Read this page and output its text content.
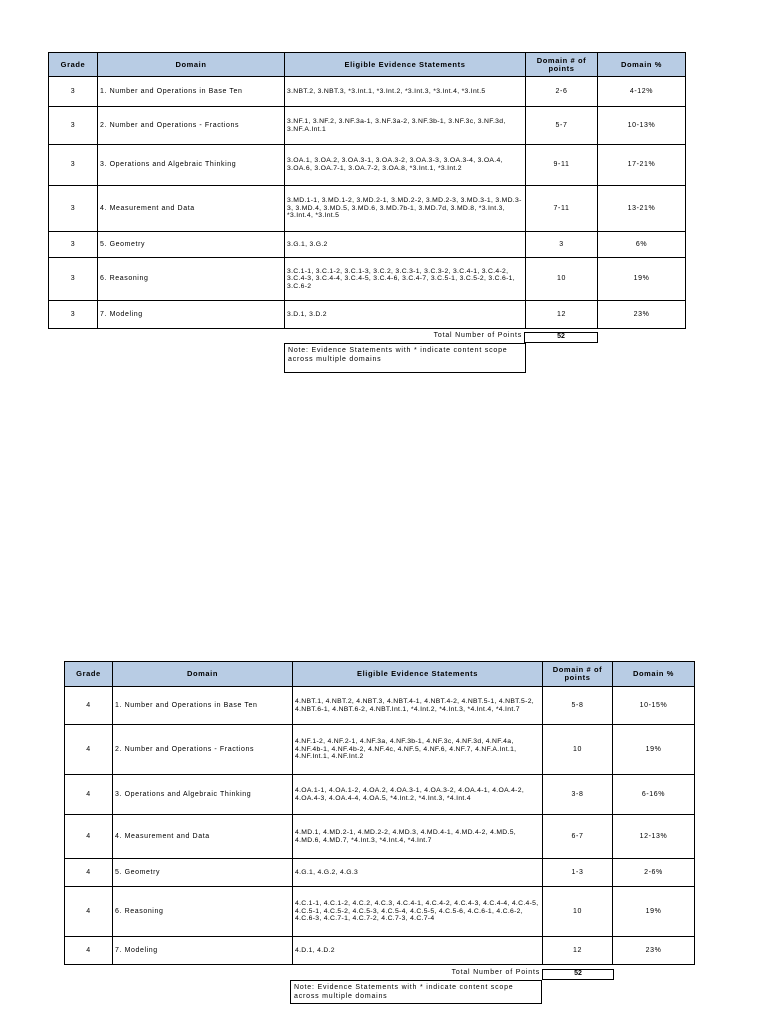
Grade	Domain	Eligible Evidence Statements	Domain # of points	Domain %
3	1. Number and Operations in Base Ten	3.NBT.2, 3.NBT.3, *3.Int.1, *3.Int.2, *3.Int.3, *3.Int.4, *3.Int.5	2-6	4-12%
3	2. Number and Operations - Fractions	3.NF.1, 3.NF.2, 3.NF.3a-1, 3.NF.3a-2, 3.NF.3b-1, 3.NF.3c, 3.NF.3d, 3.NF.A.Int.1	5-7	10-13%
3	3. Operations and Algebraic Thinking	3.OA.1, 3.OA.2, 3.OA.3-1, 3.OA.3-2, 3.OA.3-3, 3.OA.3-4, 3.OA.4, 3.OA.6, 3.OA.7-1, 3.OA.7-2, 3.OA.8, *3.Int.1, *3.Int.2	9-11	17-21%
3	4. Measurement and Data	3.MD.1-1, 3.MD.1-2, 3.MD.2-1, 3.MD.2-2, 3.MD.2-3, 3.MD.3-1, 3.MD.3-3, 3.MD.4, 3.MD.5, 3.MD.6, 3.MD.7b-1, 3.MD.7d, 3.MD.8, *3.Int.3, *3.Int.4, *3.Int.5	7-11	13-21%
3	5. Geometry	3.G.1, 3.G.2	3	6%
3	6. Reasoning	3.C.1-1, 3.C.1-2, 3.C.1-3, 3.C.2, 3.C.3-1, 3.C.3-2, 3.C.4-1, 3.C.4-2, 3.C.4-3, 3.C.4-4, 3.C.4-5, 3.C.4-6, 3.C.4-7, 3.C.5-1, 3.C.5-2, 3.C.6-1, 3.C.6-2	10	19%
3	7. Modeling	3.D.1, 3.D.2	12	23%
Total Number of Points	52
Note: Evidence Statements with * indicate content scope across multiple domains
Grade	Domain	Eligible Evidence Statements	Domain # of points	Domain %
4	1. Number and Operations in Base Ten	4.NBT.1, 4.NBT.2, 4.NBT.3, 4.NBT.4-1, 4.NBT.4-2, 4.NBT.5-1, 4.NBT.5-2, 4.NBT.6-1, 4.NBT.6-2, 4.NBT.Int.1, *4.Int.2, *4.Int.3, *4.Int.4, *4.Int.7	5-8	10-15%
4	2. Number and Operations - Fractions	4.NF.1-2, 4.NF.2-1, 4.NF.3a, 4.NF.3b-1, 4.NF.3c, 4.NF.3d, 4.NF.4a, 4.NF.4b-1, 4.NF.4b-2, 4.NF.4c, 4.NF.5, 4.NF.6, 4.NF.7, 4.NF.A.Int.1, 4.NF.Int.1, 4.NF.Int.2	10	19%
4	3. Operations and Algebraic Thinking	4.OA.1-1, 4.OA.1-2, 4.OA.2, 4.OA.3-1, 4.OA.3-2, 4.OA.4-1, 4.OA.4-2, 4.OA.4-3, 4.OA.4-4, 4.OA.5, *4.Int.2, *4.Int.3, *4.Int.4	3-8	6-16%
4	4. Measurement and Data	4.MD.1, 4.MD.2-1, 4.MD.2-2, 4.MD.3, 4.MD.4-1, 4.MD.4-2, 4.MD.5, 4.MD.6, 4.MD.7, *4.Int.3, *4.Int.4, *4.Int.7	6-7	12-13%
4	5. Geometry	4.G.1, 4.G.2, 4.G.3	1-3	2-6%
4	6. Reasoning	4.C.1-1, 4.C.1-2, 4.C.2, 4.C.3, 4.C.4-1, 4.C.4-2, 4.C.4-3, 4.C.4-4, 4.C.4-5, 4.C.5-1, 4.C.5-2, 4.C.5-3, 4.C.5-4, 4.C.5-5, 4.C.5-6, 4.C.6-1, 4.C.6-2, 4.C.6-3, 4.C.7-1, 4.C.7-2, 4.C.7-3, 4.C.7-4	10	19%
4	7. Modeling	4.D.1, 4.D.2	12	23%
Total Number of Points	52
Note: Evidence Statements with * indicate content scope across multiple domains
